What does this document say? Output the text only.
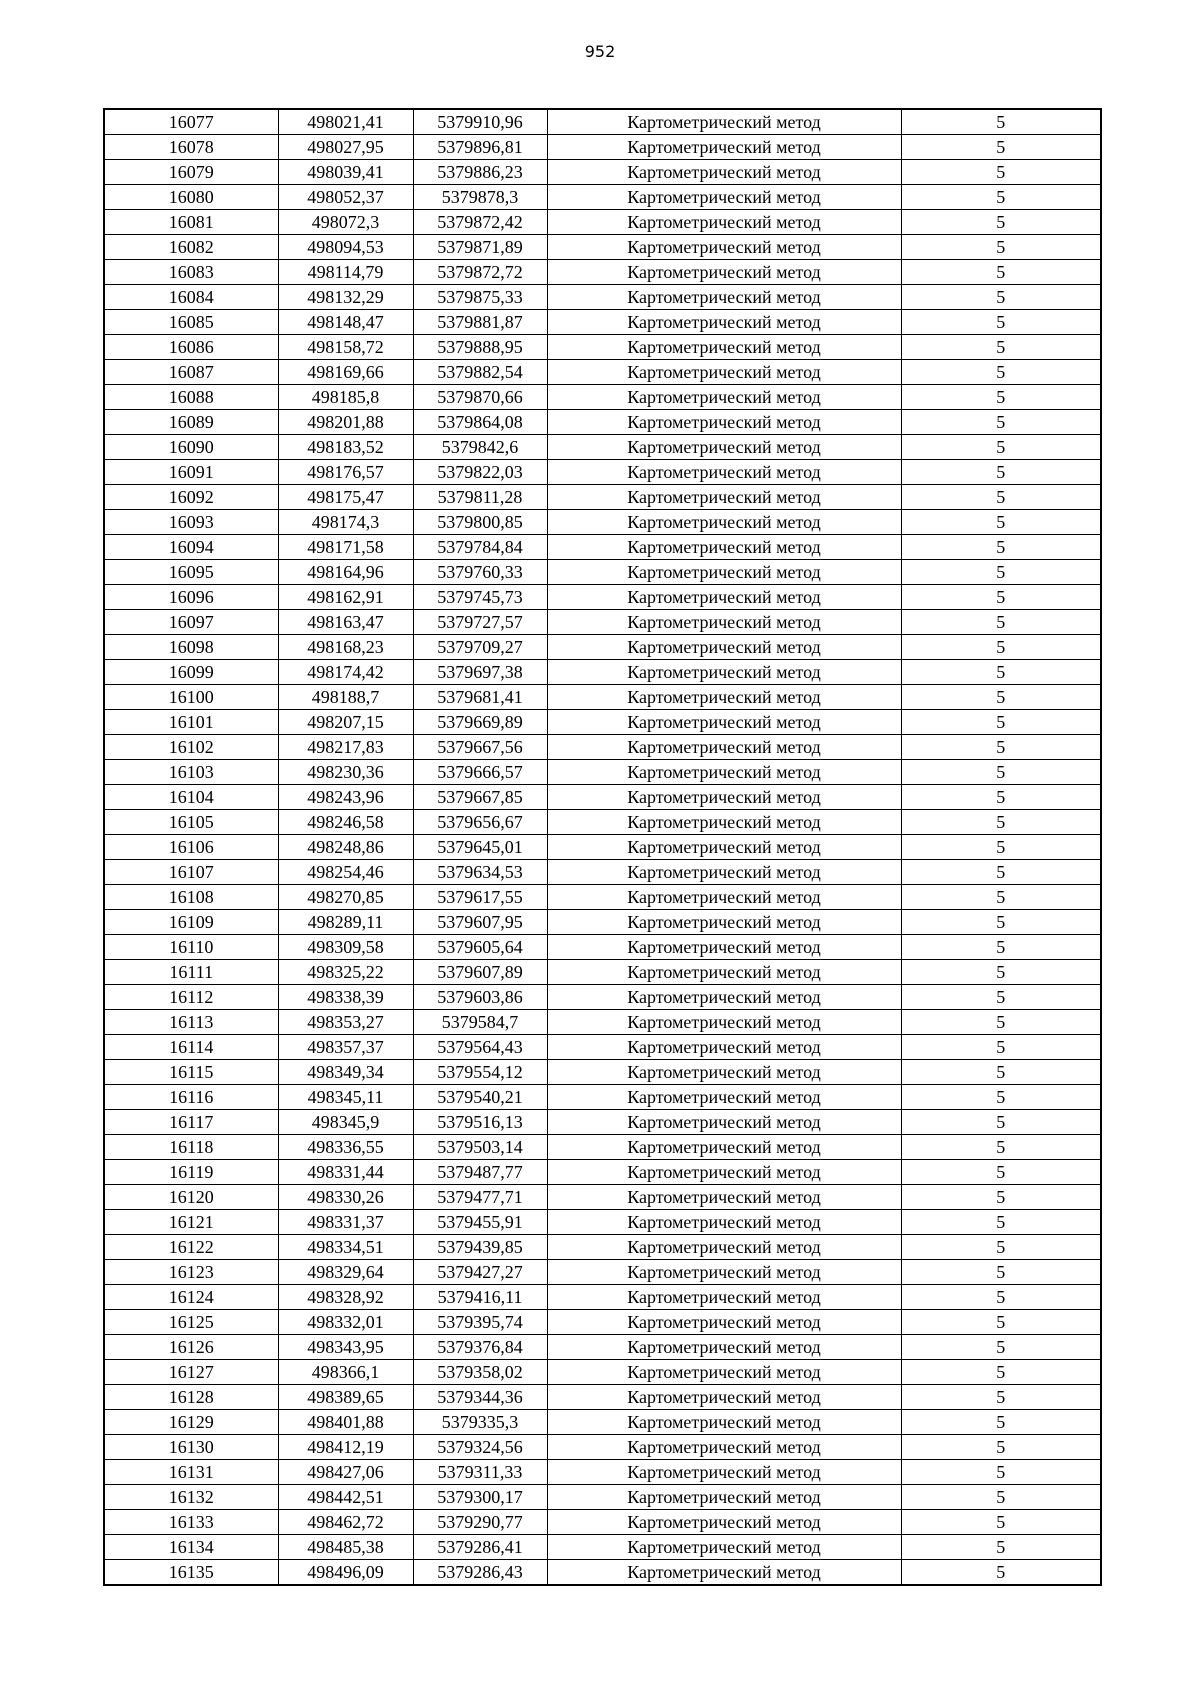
952
16077	498021,41	5379910,96	Картометрический метод	5
16078	498027,95	5379896,81	Картометрический метод	5
16079	498039,41	5379886,23	Картометрический метод	5
16080	498052,37	5379878,3	Картометрический метод	5
16081	498072,3	5379872,42	Картометрический метод	5
16082	498094,53	5379871,89	Картометрический метод	5
16083	498114,79	5379872,72	Картометрический метод	5
16084	498132,29	5379875,33	Картометрический метод	5
16085	498148,47	5379881,87	Картометрический метод	5
16086	498158,72	5379888,95	Картометрический метод	5
16087	498169,66	5379882,54	Картометрический метод	5
16088	498185,8	5379870,66	Картометрический метод	5
16089	498201,88	5379864,08	Картометрический метод	5
16090	498183,52	5379842,6	Картометрический метод	5
16091	498176,57	5379822,03	Картометрический метод	5
16092	498175,47	5379811,28	Картометрический метод	5
16093	498174,3	5379800,85	Картометрический метод	5
16094	498171,58	5379784,84	Картометрический метод	5
16095	498164,96	5379760,33	Картометрический метод	5
16096	498162,91	5379745,73	Картометрический метод	5
16097	498163,47	5379727,57	Картометрический метод	5
16098	498168,23	5379709,27	Картометрический метод	5
16099	498174,42	5379697,38	Картометрический метод	5
16100	498188,7	5379681,41	Картометрический метод	5
16101	498207,15	5379669,89	Картометрический метод	5
16102	498217,83	5379667,56	Картометрический метод	5
16103	498230,36	5379666,57	Картометрический метод	5
16104	498243,96	5379667,85	Картометрический метод	5
16105	498246,58	5379656,67	Картометрический метод	5
16106	498248,86	5379645,01	Картометрический метод	5
16107	498254,46	5379634,53	Картометрический метод	5
16108	498270,85	5379617,55	Картометрический метод	5
16109	498289,11	5379607,95	Картометрический метод	5
16110	498309,58	5379605,64	Картометрический метод	5
16111	498325,22	5379607,89	Картометрический метод	5
16112	498338,39	5379603,86	Картометрический метод	5
16113	498353,27	5379584,7	Картометрический метод	5
16114	498357,37	5379564,43	Картометрический метод	5
16115	498349,34	5379554,12	Картометрический метод	5
16116	498345,11	5379540,21	Картометрический метод	5
16117	498345,9	5379516,13	Картометрический метод	5
16118	498336,55	5379503,14	Картометрический метод	5
16119	498331,44	5379487,77	Картометрический метод	5
16120	498330,26	5379477,71	Картометрический метод	5
16121	498331,37	5379455,91	Картометрический метод	5
16122	498334,51	5379439,85	Картометрический метод	5
16123	498329,64	5379427,27	Картометрический метод	5
16124	498328,92	5379416,11	Картометрический метод	5
16125	498332,01	5379395,74	Картометрический метод	5
16126	498343,95	5379376,84	Картометрический метод	5
16127	498366,1	5379358,02	Картометрический метод	5
16128	498389,65	5379344,36	Картометрический метод	5
16129	498401,88	5379335,3	Картометрический метод	5
16130	498412,19	5379324,56	Картометрический метод	5
16131	498427,06	5379311,33	Картометрический метод	5
16132	498442,51	5379300,17	Картометрический метод	5
16133	498462,72	5379290,77	Картометрический метод	5
16134	498485,38	5379286,41	Картометрический метод	5
16135	498496,09	5379286,43	Картометрический метод	5
